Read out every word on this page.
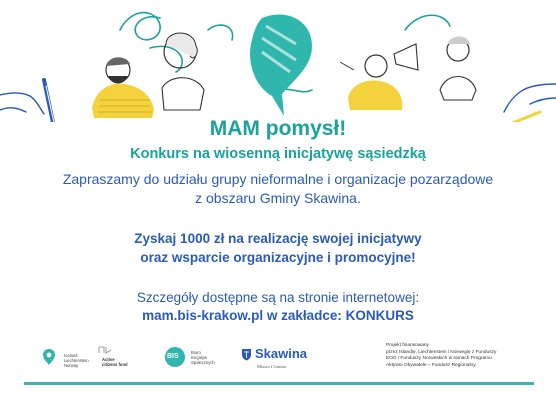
MAM pomysł!
Konkurs na wiosenną inicjatywę sąsiedzką
Zapraszamy do udziału grupy nieformalne i organizacje pozarządowe
z obszaru Gminy Skawina.
Zyskaj 1000 zł na realizację swojej inicjatywy
oraz wsparcie organizacyjne i promocyjne!
Szczegóły dostępne są na stronie internetowej:
mam.bis-krakow.pl w zakładce: KONKURS
Iceland
Liechtenstein
Norway
Active
citizens fund
BIS
Biuro
Inicjatyw
Społecznych
Skawina
Miasto i Gmina
Projekt finansowany
przez Islandię, Liechtenstein i Norwegię z Funduszy
EOG i Funduszy Norweskich w ramach Programu
Aktywni Obywatele – Fundusz Regionalny.
